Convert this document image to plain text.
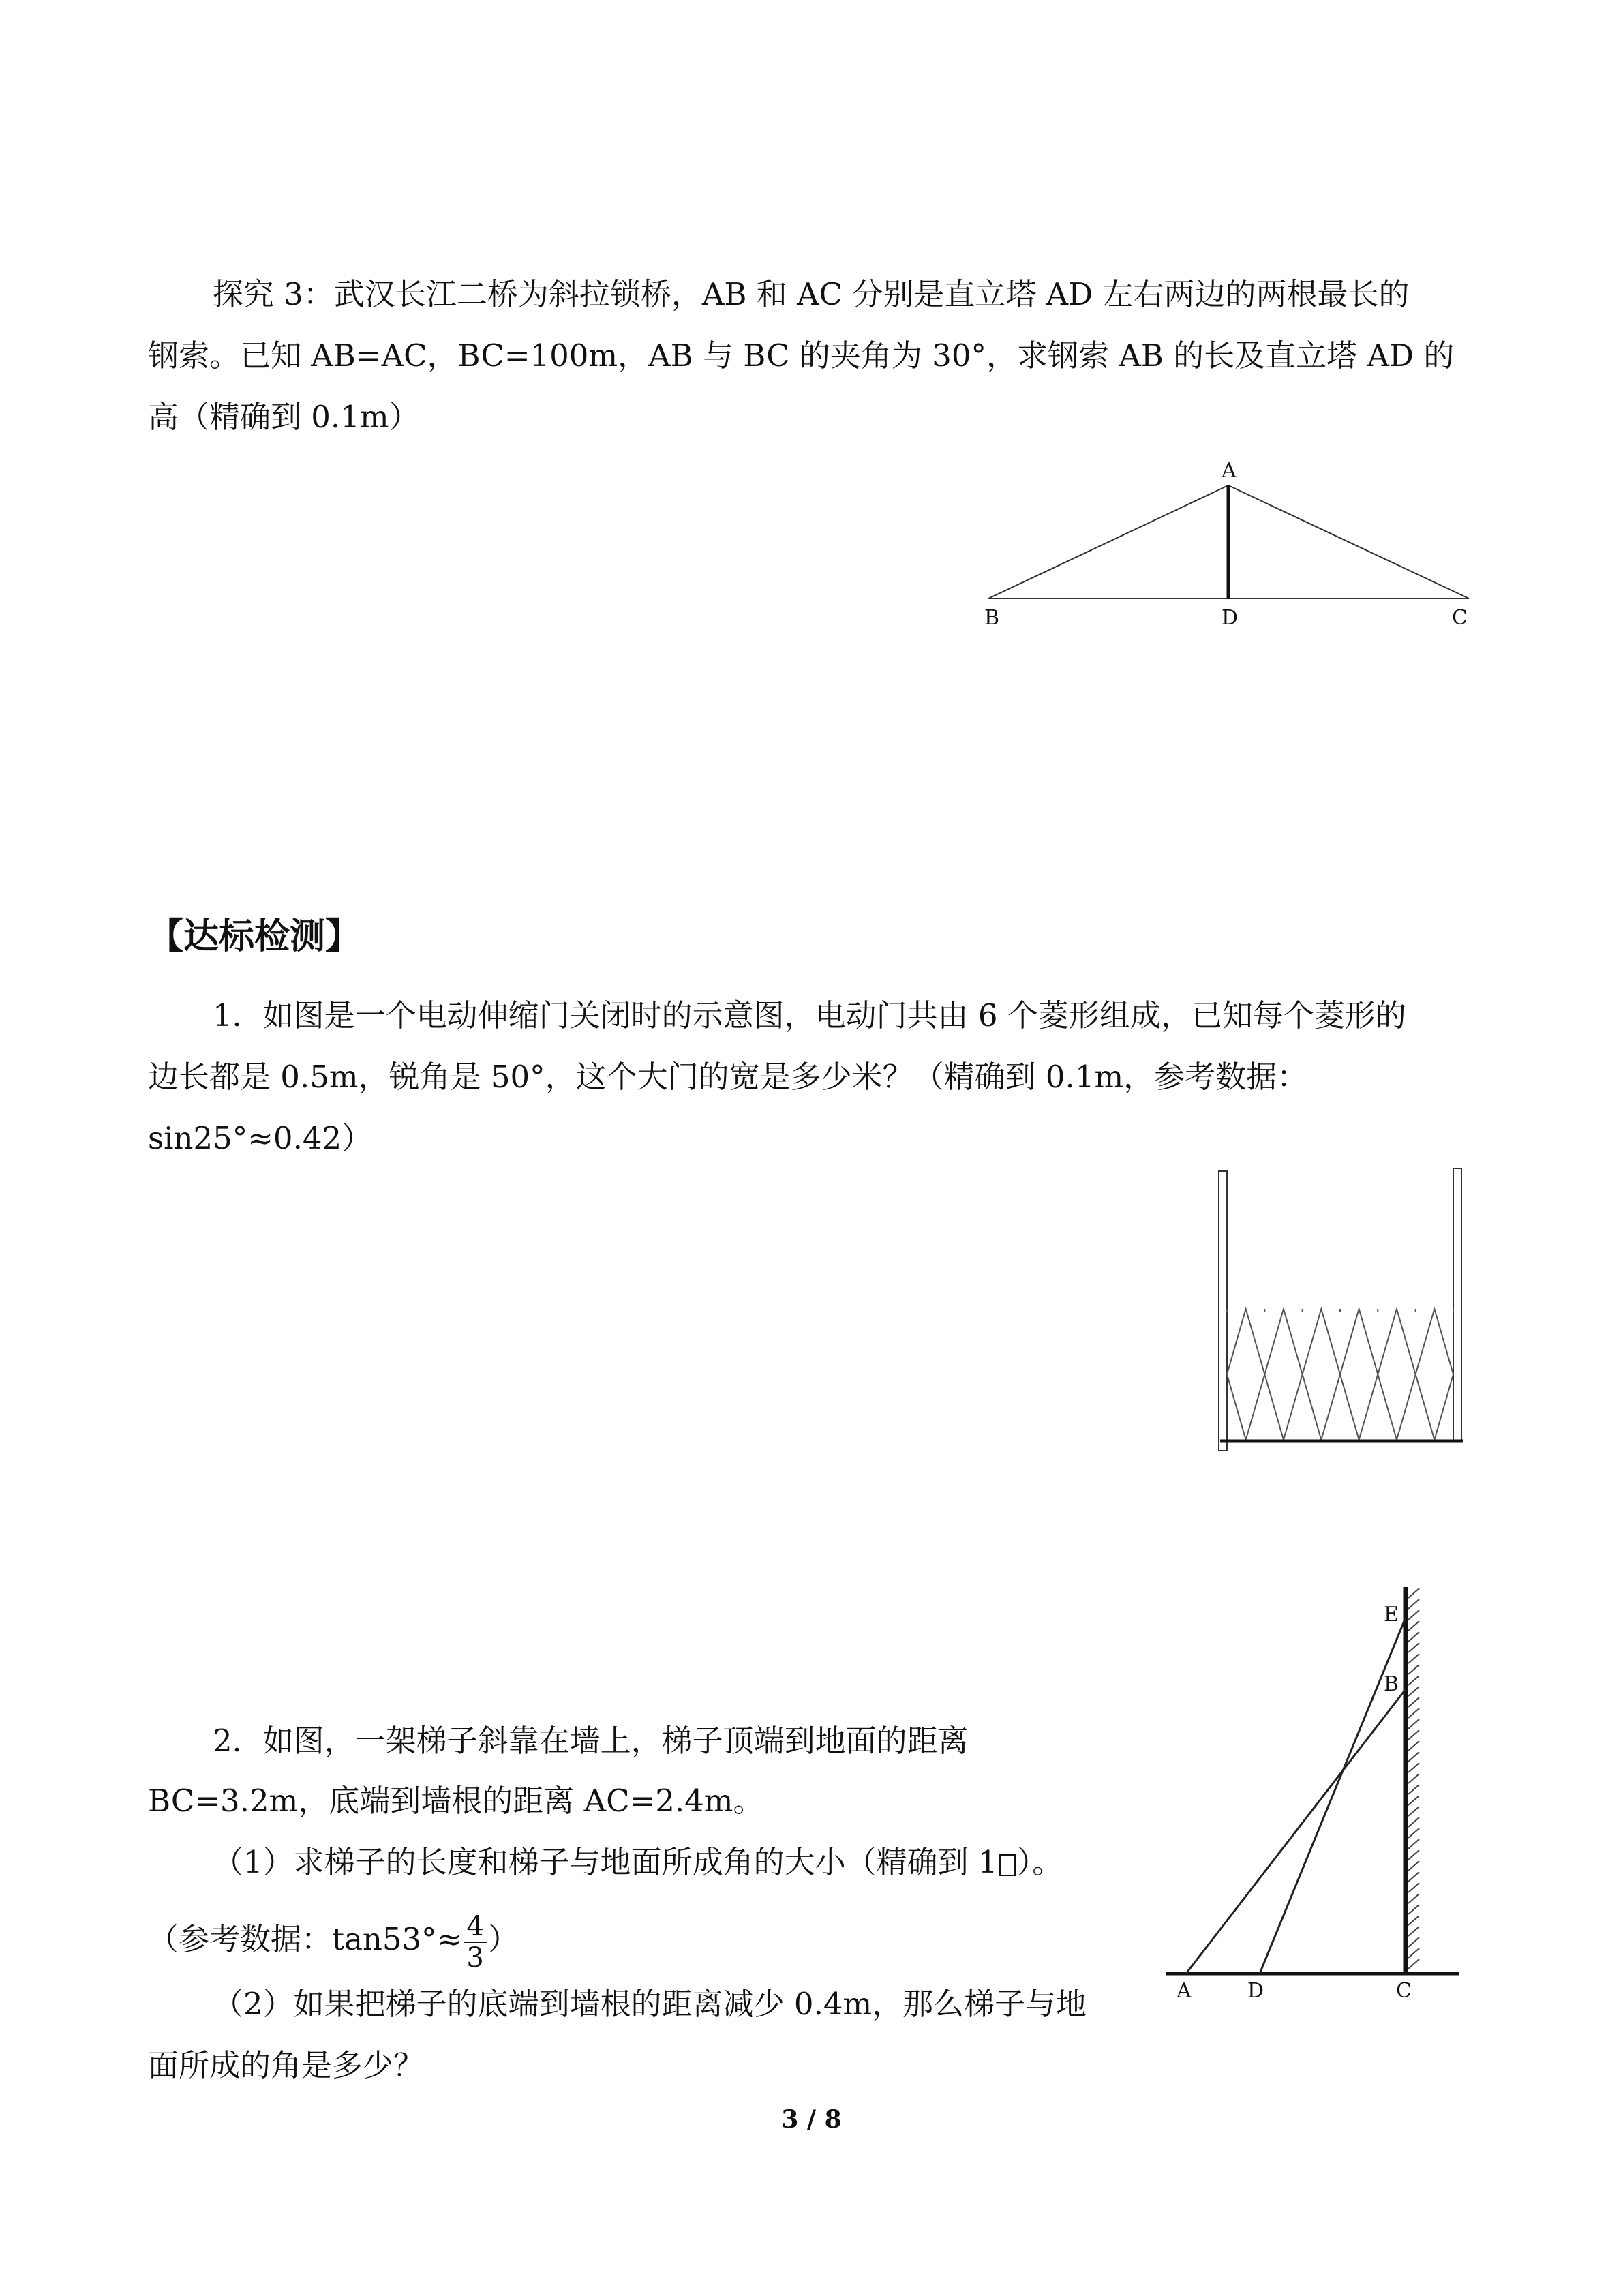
探究 3：武汉长江二桥为斜拉锁桥，AB 和 AC 分别是直立塔 AD 左右两边的两根最长的

钢索。已知 AB=AC，BC=100m，AB 与 BC 的夹角为 30°，求钢索 AB 的长及直立塔 AD 的

高（精确到 0.1m）

A
B	D	C

【达标检测】

1．如图是一个电动伸缩门关闭时的示意图，电动门共由 6 个菱形组成，已知每个菱形的

边长都是 0.5m，锐角是 50°，这个大门的宽是多少米？（精确到 0.1m，参考数据：

sin25°≈0.42）

2．如图，一架梯子斜靠在墙上，梯子顶端到地面的距离

BC=3.2m，底端到墙根的距离 AC=2.4m。

（1）求梯子的长度和梯子与地面所成角的大小（精确到 1 ）。

（参考数据：$\tan 53^\circ\approx \frac{4}{3}$ ）

（2）如果把梯子的底端到墙根的距离减少 0.4m，那么梯子与地

面所成的角是多少？

E
B
A	D	C
3 / 8
